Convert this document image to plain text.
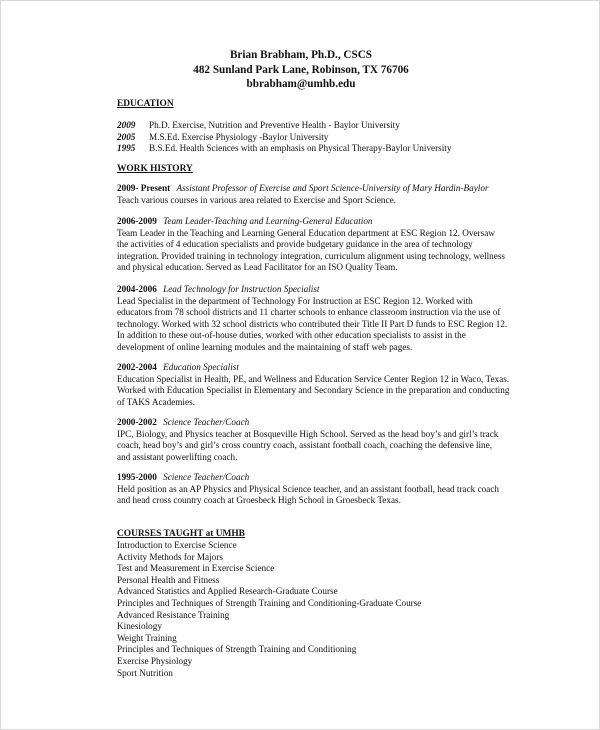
Brian Brabham, Ph.D., CSCS
482 Sunland Park Lane, Robinson, TX 76706
bbrabham@umhb.edu
EDUCATION
2009 Ph.D. Exercise, Nutrition and Preventive Health - Baylor University
2005 M.S.Ed. Exercise Physiology -Baylor University
1995 B.S.Ed. Health Sciences with an emphasis on Physical Therapy-Baylor University
WORK HISTORY
2009- Present Assistant Professor of Exercise and Sport Science-University of Mary Hardin-Baylor
Teach various courses in various area related to Exercise and Sport Science.
2006-2009 Team Leader-Teaching and Learning-General Education
Team Leader in the Teaching and Learning General Education department at ESC Region 12. Oversaw
the activities of 4 education specialists and provide budgetary guidance in the area of technology
integration. Provided training in technology integration, curriculum alignment using technology, wellness
and physical education. Served as Lead Facilitator for an ISO Quality Team.
2004-2006 Lead Technology for Instruction Specialist
Lead Specialist in the department of Technology For Instruction at ESC Region 12. Worked with
educators from 78 school districts and 11 charter schools to enhance classroom instruction via the use of
technology. Worked with 32 school districts who contributed their Title II Part D funds to ESC Region 12.
In addition to these out-of-house duties, worked with other education specialists to assist in the
development of online learning modules and the maintaining of staff web pages.
2002-2004 Education Specialist
Education Specialist in Health, PE, and Wellness and Education Service Center Region 12 in Waco, Texas.
Worked with Education Specialist in Elementary and Secondary Science in the preparation and conducting
of TAKS Academies.
2000-2002 Science Teacher/Coach
IPC, Biology, and Physics teacher at Bosqueville High School. Served as the head boy’s and girl’s track
coach, head boy’s and girl’s cross country coach, assistant football coach, coaching the defensive line,
and assistant powerlifting coach.
1995-2000 Science Teacher/Coach
Held position as an AP Physics and Physical Science teacher, and an assistant football, head track coach
and head cross country coach at Groesbeck High School in Groesbeck Texas.
COURSES TAUGHT at UMHB
Introduction to Exercise Science
Activity Methods for Majors
Test and Measurement in Exercise Science
Personal Health and Fitness
Advanced Statistics and Applied Research-Graduate Course
Principles and Techniques of Strength Training and Conditioning-Graduate Course
Advanced Resistance Training
Kinesiology
Weight Training
Principles and Techniques of Strength Training and Conditioning
Exercise Physiology
Sport Nutrition
